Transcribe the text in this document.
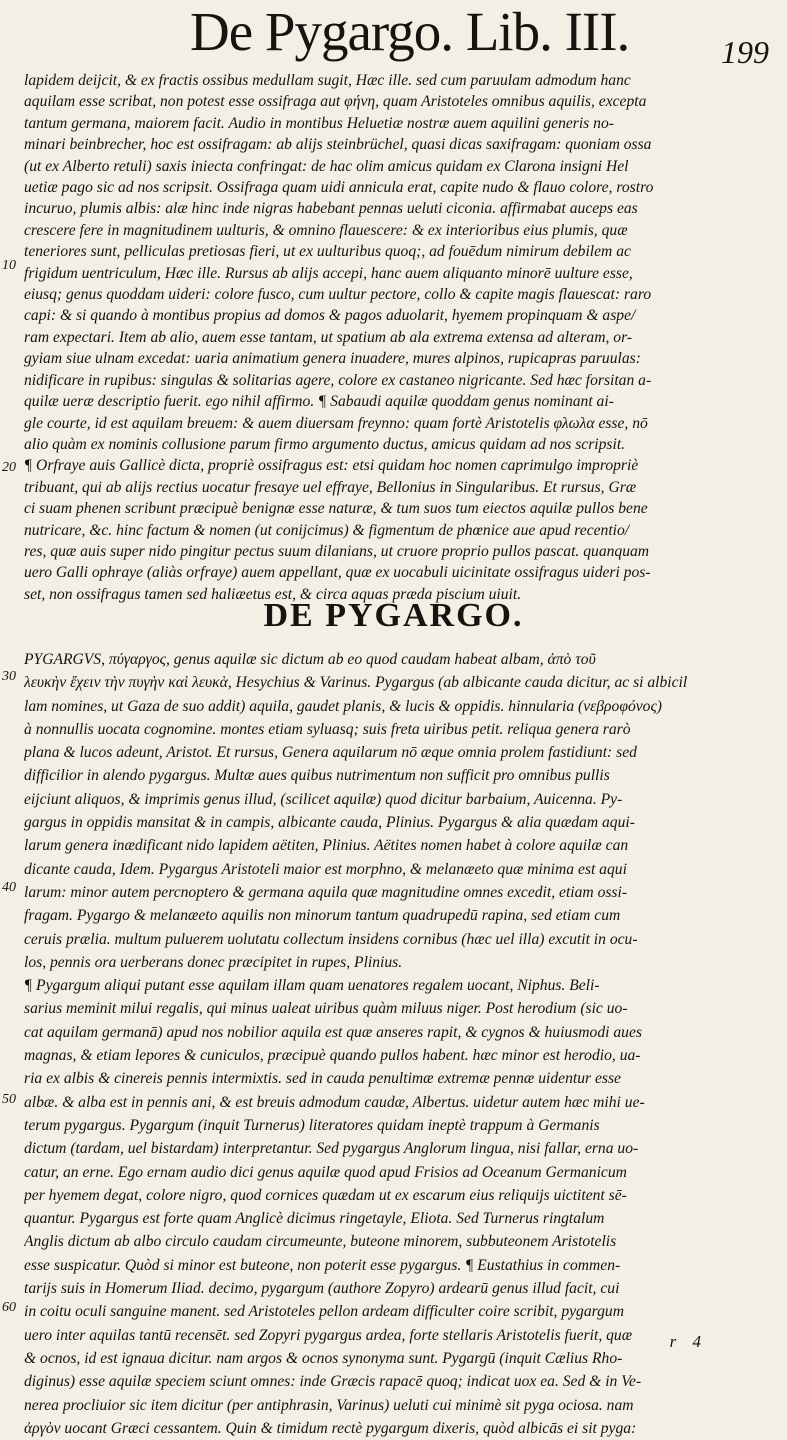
De Pygargo. Lib. III.	199
10
20
30
40
50
60
lapidem deijcit, & ex fractis ossibus medullam sugit, Hæc ille. sed cum paruulam admodum hanc
aquilam esse scribat, non potest esse ossifraga aut φήνη, quam Aristoteles omnibus aquilis, excepta
tantum germana, maiorem facit. Audio in montibus Heluetiæ nostræ auem aquilini generis no-
minari beinbrecher, hoc est ossifragam: ab alijs steinbrüchel, quasi dicas saxifragam: quoniam ossa
(ut ex Alberto retuli) saxis iniecta confringat: de hac olim amicus quidam ex Clarona insigni Hel
uetiæ pago sic ad nos scripsit. Ossifraga quam uidi annicula erat, capite nudo & flauo colore, rostro
incuruo, plumis albis: alæ hinc inde nigras habebant pennas ueluti ciconia. affirmabat auceps eas
crescere fere in magnitudinem uulturis, & omnino flauescere: & ex interioribus eius plumis, quæ
teneriores sunt, pelliculas pretiosas fieri, ut ex uulturibus quoq;, ad fouēdum nimirum debilem ac
frigidum uentriculum, Hæc ille. Rursus ab alijs accepi, hanc auem aliquanto minorē uulture esse,
eiusq; genus quoddam uideri: colore fusco, cum uultur pectore, collo & capite magis flauescat: raro
capi: & si quando à montibus propius ad domos & pagos aduolarit, hyemem propinquam & aspe/
ram expectari. Item ab alio, auem esse tantam, ut spatium ab ala extrema extensa ad alteram, or-
gyiam siue ulnam excedat: uaria animatium genera inuadere, mures alpinos, rupicapras paruulas:
nidificare in rupibus: singulas & solitarias agere, colore ex castaneo nigricante. Sed hæc forsitan a-
quilæ ueræ descriptio fuerit. ego nihil affirmo. ¶ Sabaudi aquilæ quoddam genus nominant ai-
gle courte, id est aquilam breuem: & auem diuersam freynno: quam fortè Aristotelis φλωλα esse, nō
alio quàm ex nominis collusione parum firmo argumento ductus, amicus quidam ad nos scripsit.
¶ Orfraye auis Gallicè dicta, propriè ossifragus est: etsi quidam hoc nomen caprimulgo impropriè
tribuant, qui ab alijs rectius uocatur fresaye uel effraye, Bellonius in Singularibus. Et rursus, Græ
ci suam phenen scribunt præcipuè benignæ esse naturæ, & tum suos tum eiectos aquilæ pullos bene
nutricare, &c. hinc factum & nomen (ut conijcimus) & figmentum de phœnice aue apud recentio/
res, quæ auis super nido pingitur pectus suum dilanians, ut cruore proprio pullos pascat. quanquam
uero Galli ophraye (aliàs orfraye) auem appellant, quæ ex uocabuli uicinitate ossifragus uideri pos-
set, non ossifragus tamen sed haliæetus est, & circa aquas præda piscium uiuit.
DE PYGARGO.
PYGARGVS, πύγαργος, genus aquilæ sic dictum ab eo quod caudam habeat albam, ἀπὸ τοῦ
λευκὴν ἔχειν τὴν πυγὴν καὶ λευκὰ, Hesychius & Varinus. Pygargus (ab albicante cauda dicitur, ac si albicil
lam nomines, ut Gaza de suo addit) aquila, gaudet planis, & lucis & oppidis. hinnularia (νεβροφόνος)
à nonnullis uocata cognomine. montes etiam syluasq; suis freta uiribus petit. reliqua genera rarò
plana & lucos adeunt, Aristot. Et rursus, Genera aquilarum nō æque omnia prolem fastidiunt: sed
difficilior in alendo pygargus. Multæ aues quibus nutrimentum non sufficit pro omnibus pullis
eijciunt aliquos, & imprimis genus illud, (scilicet aquilæ) quod dicitur barbaium, Auicenna. Py-
gargus in oppidis mansitat & in campis, albicante cauda, Plinius. Pygargus & alia quædam aqui-
larum genera inædificant nido lapidem aëtiten, Plinius. Aëtites nomen habet à colore aquilæ can
dicante cauda, Idem. Pygargus Aristoteli maior est morphno, & melanæeto quæ minima est aqui
larum: minor autem percnoptero & germana aquila quæ magnitudine omnes excedit, etiam ossi-
fragam. Pygargo & melanæeto aquilis non minorum tantum quadrupedū rapina, sed etiam cum
ceruis prælia. multum puluerem uolutatu collectum insidens cornibus (hæc uel illa) excutit in ocu-
los, pennis ora uerberans donec præcipitet in rupes, Plinius.
¶ Pygargum aliqui putant esse aquilam illam quam uenatores regalem uocant, Niphus. Beli-
sarius meminit milui regalis, qui minus ualeat uiribus quàm miluus niger. Post herodium (sic uo-
cat aquilam germanā) apud nos nobilior aquila est quæ anseres rapit, & cygnos & huiusmodi aues
magnas, & etiam lepores & cuniculos, præcipuè quando pullos habent. hæc minor est herodio, ua-
ria ex albis & cinereis pennis intermixtis. sed in cauda penultimæ extremæ pennæ uidentur esse
albæ. & alba est in pennis ani, & est breuis admodum caudæ, Albertus. uidetur autem hæc mihi ue-
terum pygargus. Pygargum (inquit Turnerus) literatores quidam ineptè trappum à Germanis
dictum (tardam, uel bistardam) interpretantur. Sed pygargus Anglorum lingua, nisi fallar, erna uo-
catur, an erne. Ego ernam audio dici genus aquilæ quod apud Frisios ad Oceanum Germanicum
per hyemem degat, colore nigro, quod cornices quædam ut ex escarum eius reliquijs uictitent sē-
quantur. Pygargus est forte quam Anglicè dicimus ringetayle, Eliota. Sed Turnerus ringtalum
Anglis dictum ab albo circulo caudam circumeunte, buteone minorem, subbuteonem Aristotelis
esse suspicatur. Quòd si minor est buteone, non poterit esse pygargus. ¶ Eustathius in commen-
tarijs suis in Homerum Iliad. decimo, pygargum (authore Zopyro) ardearū genus illud facit, cui
in coitu oculi sanguine manent. sed Aristoteles pellon ardeam difficulter coire scribit, pygargum
uero inter aquilas tantū recensēt. sed Zopyri pygargus ardea, forte stellaris Aristotelis fuerit, quæ
& ocnos, id est ignaua dicitur. nam argos & ocnos synonyma sunt. Pygargū (inquit Cælius Rho-
diginus) esse aquilæ speciem sciunt omnes: inde Græcis rapacē quoq; indicat uox ea. Sed & in Ve-
nerea procliuior sic item dicitur (per antiphrasin, Varinus) ueluti cui minimè sit pyga ociosa. nam
ἀργὸν uocant Græci cessantem. Quin & timidum rectè pygargum dixeris, quòd albicās ei sit pyga:
r 4
